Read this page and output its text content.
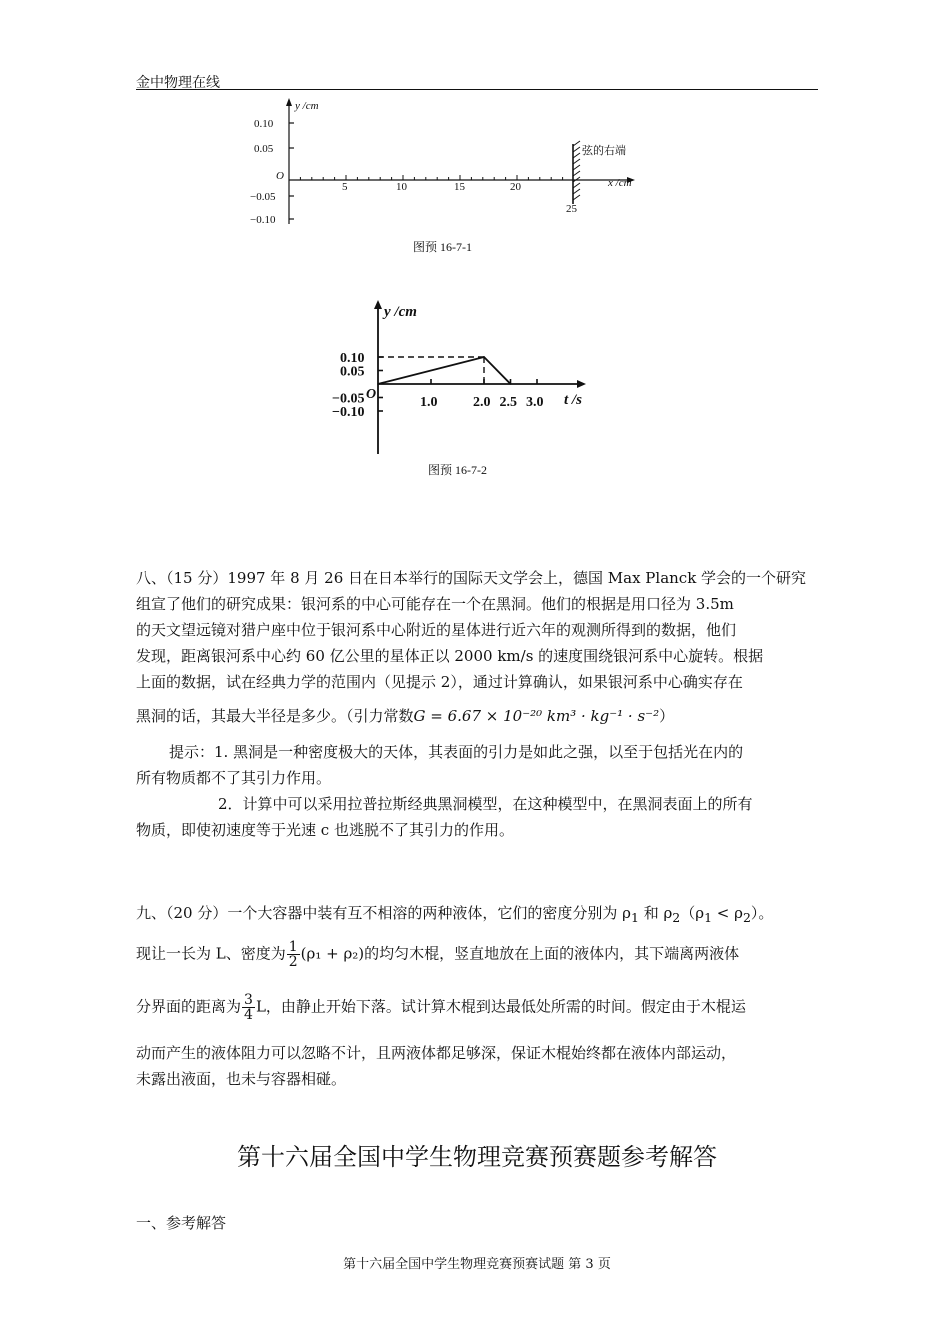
金中物理在线
y /cm
0.10
0.05
O
−0.05
−0.10
5	10	15	20
25
x /cm
弦的右端
图预 16-7-1
1.0	2.0 2.5 3.0
0.10
0.05
−0.05
−0.10
y /cm
O	t /s
图预 16-7-2
八、（15 分）1997 年 8 月 26 日在日本举行的国际天文学会上，德国 Max Planck 学会的一个研究
组宣了他们的研究成果：银河系的中心可能存在一个在黑洞。他们的根据是用口径为 3.5m
的天文望远镜对猎户座中位于银河系中心附近的星体进行近六年的观测所得到的数据，他们
发现，距离银河系中心约 60 亿公里的星体正以 2000 km/s 的速度围绕银河系中心旋转。根据
上面的数据，试在经典力学的范围内（见提示 2），通过计算确认，如果银河系中心确实存在
黑洞的话，其最大半径是多少。（引力常数G = 6.67 × 10⁻²⁰ km³ · kg⁻¹ · s⁻²）
提示：1. 黑洞是一种密度极大的天体，其表面的引力是如此之强，以至于包括光在内的
所有物质都不了其引力作用。
2．计算中可以采用拉普拉斯经典黑洞模型，在这种模型中，在黑洞表面上的所有
物质，即使初速度等于光速 c 也逃脱不了其引力的作用。
九、（20 分）一个大容器中装有互不相溶的两种液体，它们的密度分别为 $\rho_1$ 和 $\rho_2(\rho_1 < \rho_2)$。
现让一长为 L、密度为 $\frac{1}{2} (\rho_1 + \rho_2)$的均匀木棍，竖直地放在上面的液体内，其下端离两液体
分界面的距离为 $\frac{3}{4}$ L，由静止开始下落。试计算木棍到达最低处所需的时间。假定由于木棍运
动而产生的液体阻力可以忽略不计，且两液体都足够深，保证木棍始终都在液体内部运动，
未露出液面，也未与容器相碰。
第十六届全国中学生物理竞赛预赛题参考解答
一、参考解答
第十六届全国中学生物理竞赛预赛试题 第 3 页
